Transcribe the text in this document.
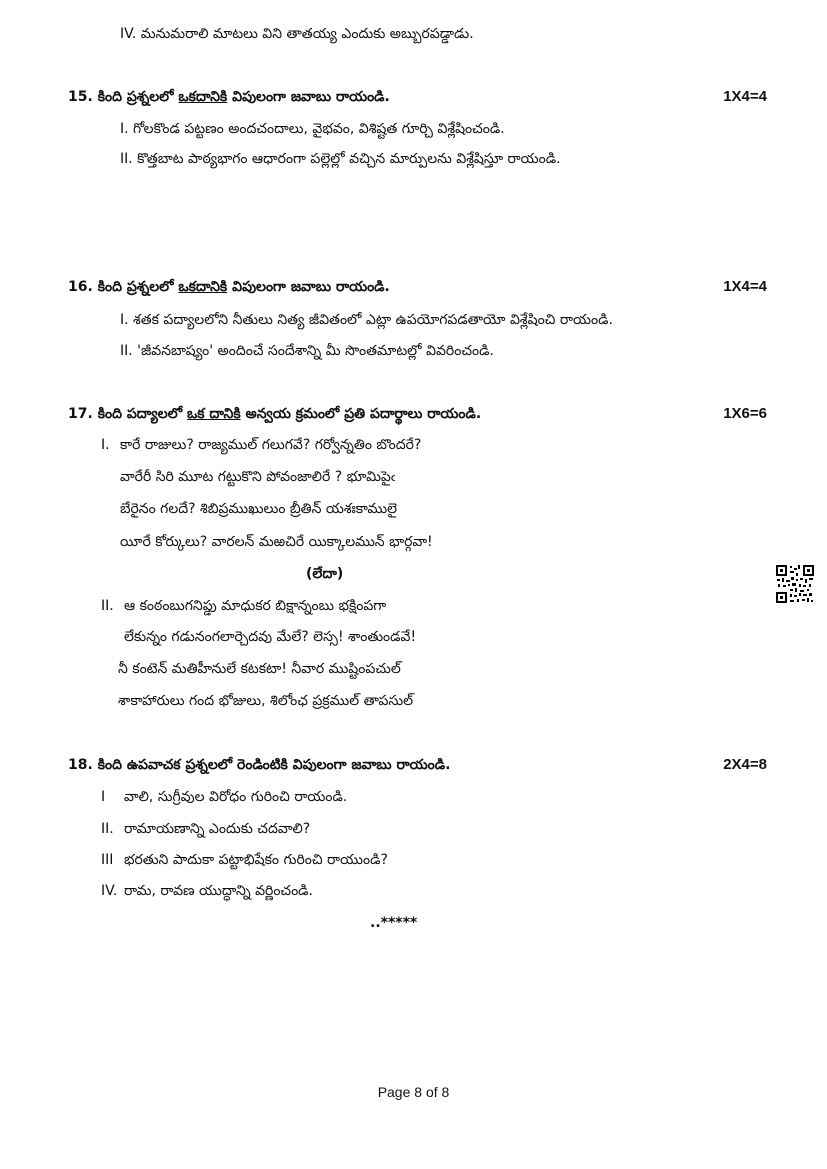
IV. మనుమరాలి మాటలు విని తాతయ్య ఎందుకు అబ్బురపడ్డాడు.
15. కింది ప్రశ్నలలో ఒకదానికి విపులంగా జవాబు రాయండి.	1X4=4
I. గోలకొండ పట్టణం అందచందాలు, వైభవం, విశిష్టత గూర్చి విశ్లేషించండి.
II. కొత్తబాట పాఠ్యభాగం ఆధారంగా పల్లెల్లో వచ్చిన మార్పులను విశ్లేషిస్తూ రాయండి.
16. కింది ప్రశ్నలలో ఒకదానికి విపులంగా జవాబు రాయండి.	1X4=4
I. శతక పద్యాలలోని నీతులు నిత్య జీవితంలో ఎట్లా ఉపయోగపడతాయో విశ్లేషించి రాయండి.
II. 'జీవనబాష్యం' అందించే సందేశాన్ని మీ సొంతమాటల్లో వివరించండి.
17. కింది పద్యాలలో ఒక దానికి అన్వయ క్రమంలో ప్రతి పదార్థాలు రాయండి.	1X6=6
I. కారే రాజులు? రాజ్యముల్ గలుగవే? గర్వోన్నతిం బొందరే?
వారేరీ సిరి మూట గట్టుకొని పోవంజాలిరే ? భూమిపైఁ
బేరైనం గలదే? శిబిప్రముఖులుం బ్రీతిన్ యశఃకాములై
యీరే కోర్కులు? వారలన్ మఱచిరే యిక్కాలమున్ భార్గవా!
(లేదా)
II. ఆ కంఠంబుగనిప్డు మాధుకర బిక్షాన్నంబు భక్షింపగా
లేకున్నం గడునంగలార్చెదవు మేలే? లెస్స! శాంతుండవే!
నీ కంటెన్ మతిహీనులే కటకటా! నీవార ముష్టింపచుల్
శాకాహారులు గంద భోజులు, శిలోంఛ ప్రక్రముల్ తాపసుల్
18. కింది ఉపవాచక ప్రశ్నలలో రెండింటికి విపులంగా జవాబు రాయండి.	2X4=8
I వాలి, సుగ్రీవుల విరోధం గురించి రాయండి.
II. రామాయణాన్ని ఎందుకు చదవాలి?
III భరతుని పాదుకా పట్టాభిషేకం గురించి రాయుండి?
IV. రామ, రావణ యుద్ధాన్ని వర్ణించండి.
..*****
Page 8 of 8
